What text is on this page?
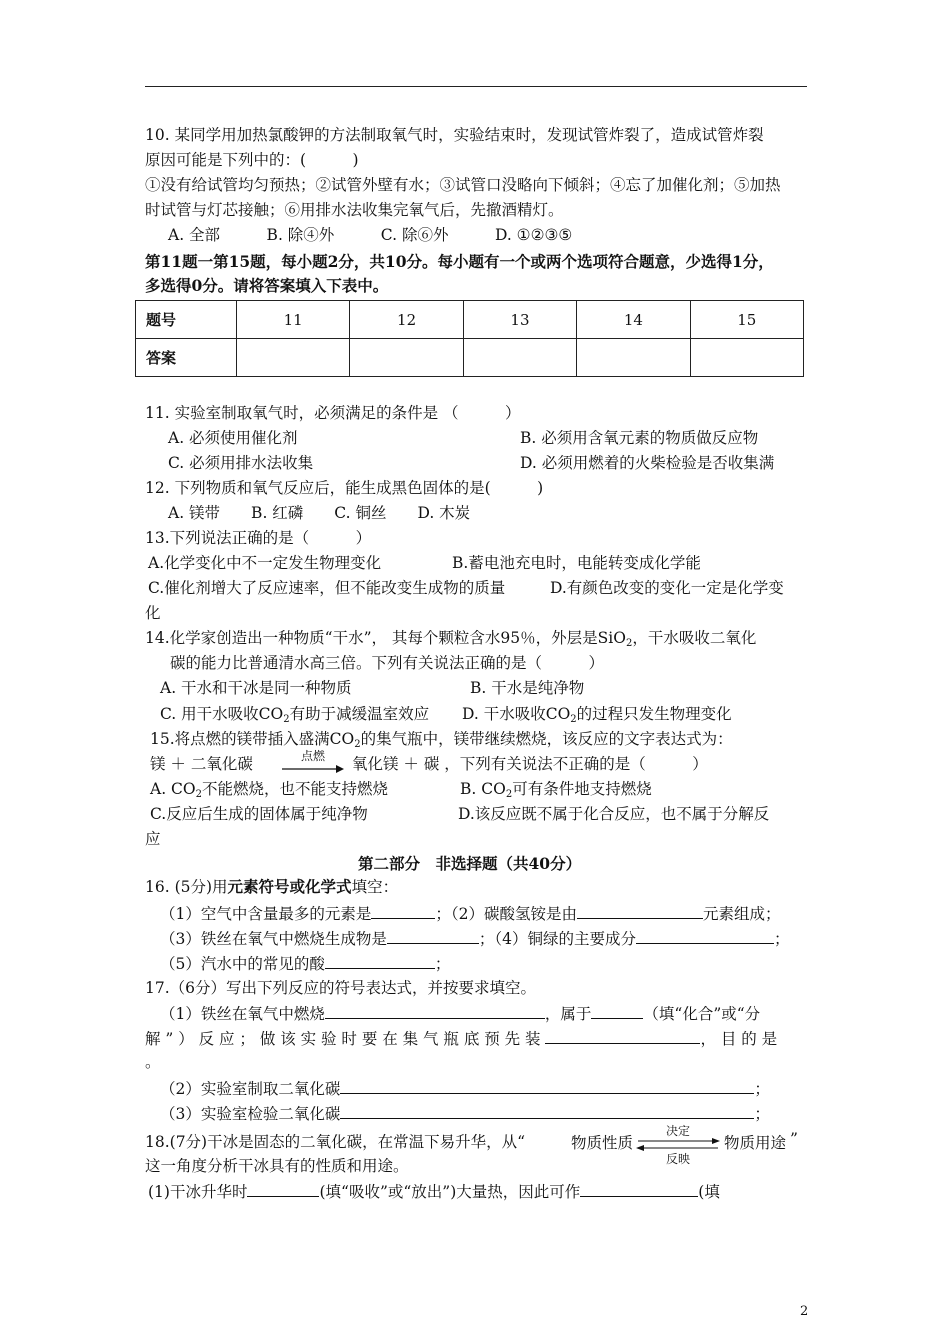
10. 某同学用加热氯酸钾的方法制取氧气时，实验结束时，发现试管炸裂了，造成试管炸裂
原因可能是下列中的：(　　　)
①没有给试管均匀预热；②试管外壁有水；③试管口没略向下倾斜；④忘了加催化剂；⑤加热
时试管与灯芯接触；⑥用排水法收集完氧气后，先撤酒精灯。
A. 全部　　　B. 除④外　　　C. 除⑥外　　　D. ①②③⑤
第11题一第15题，每小题2分，共10分。每小题有一个或两个选项符合题意，少选得1分，
多选得0分。请将答案填入下表中。
题号	11	12	13	14	15
答案					
11. 实验室制取氧气时，必须满足的条件是 （　　　）
A. 必须使用催化剂	B. 必须用含氧元素的物质做反应物
C. 必须用排水法收集	D. 必须用燃着的火柴检验是否收集满
12. 下列物质和氧气反应后，能生成黑色固体的是(　　　)
A. 镁带　　B. 红磷　　C. 铜丝　　D. 木炭
13.下列说法正确的是（　　　）
A.化学变化中不一定发生物理变化	B.蓄电池充电时，电能转变成化学能
C.催化剂增大了反应速率，但不能改变生成物的质量	D.有颜色改变的变化一定是化学变
化
14.化学家创造出一种物质“干水”， 其每个颗粒含水95％，外层是SiO2，干水吸收二氧化
碳的能力比普通清水高三倍。下列有关说法正确的是（　　　）
A. 干水和干冰是同一种物质	B. 干水是纯净物
C. 用干水吸收CO2有助于减缓温室效应 D. 干水吸收CO2的过程只发生物理变化
15.将点燃的镁带插入盛满CO2的集气瓶中，镁带继续燃烧，该反应的文字表达式为：
镁 ＋ 二氧化碳	点燃	氧化镁 ＋ 碳 ，下列有关说法不正确的是（　　　）
A. CO2不能燃烧，也不能支持燃烧	B. CO2可有条件地支持燃烧
C.反应后生成的固体属于纯净物	D.该反应既不属于化合反应，也不属于分解反
应
第二部分　非选择题（共40分）
16. (5分)用元素符号或化学式填空：
（1）空气中含量最多的元素是	；（2）碳酸氢铵是由	元素组成；
（3）铁丝在氧气中燃烧生成物是	；（4）铜绿的主要成分	；
（5）汽水中的常见的酸	；
17.（6分）写出下列反应的符号表达式，并按要求填空。
（1）铁丝在氧气中燃烧	，属于	（填“化合”或“分
解”）反应；做该实验时要在集气瓶底预先装	，目的是
。
（2）实验室制取二氧化碳	；
（3）实验室检验二氧化碳	；
18.(7分)干冰是固态的二氧化碳，在常温下易升华，从“	物质性质
决定
反映
物质用途 ”
这一角度分析干冰具有的性质和用途。
(1)干冰升华时	(填“吸收”或“放出”)大量热，因此可作	(填
2
